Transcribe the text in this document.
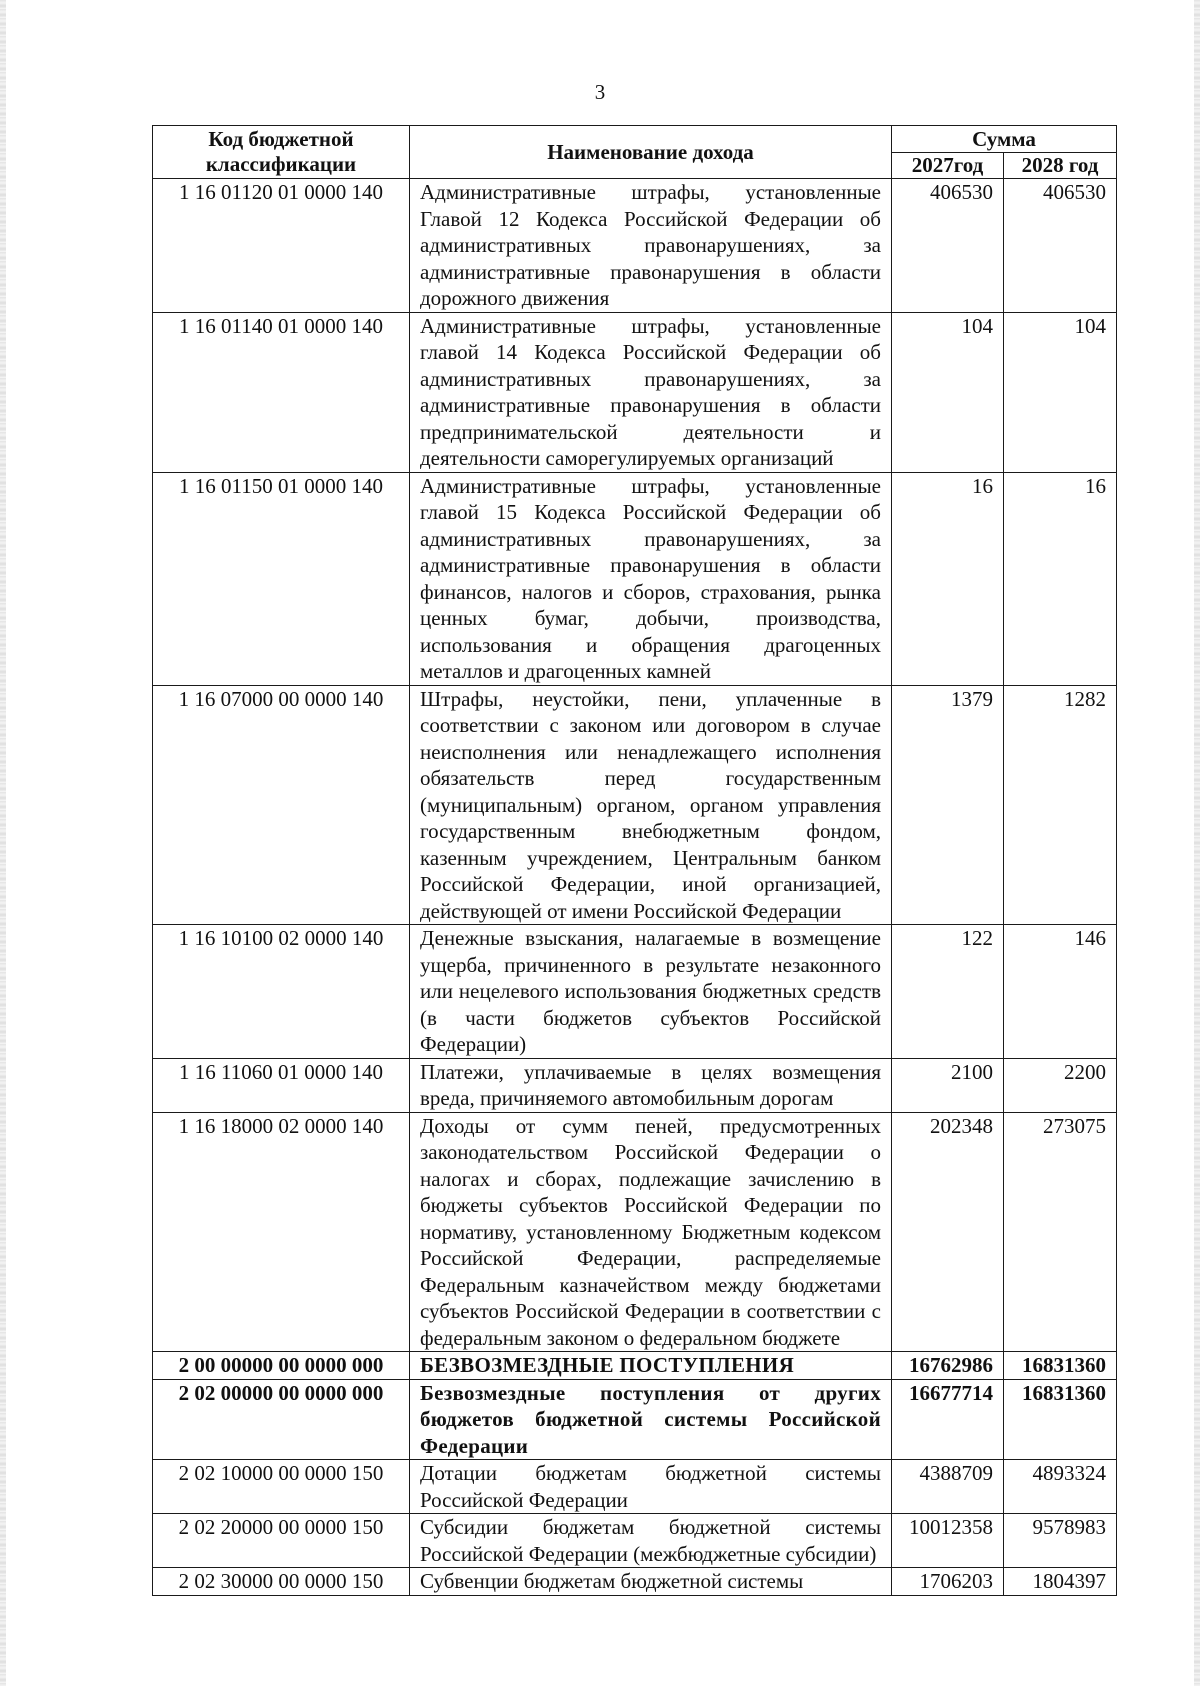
3
Код бюджетной классификации	Наименование дохода	Сумма	
		2027год	2028 год
1 16 01120 01 0000 140	Административные штрафы, установленные Главой 12 Кодекса Российской Федерации об административных правонарушениях, за административные правонарушения в области дорожного движения	406530	406530
1 16 01140 01 0000 140	Административные штрафы, установленные главой 14 Кодекса Российской Федерации об административных правонарушениях, за административные правонарушения в области предпринимательской деятельности и деятельности саморегулируемых организаций	104	104
1 16 01150 01 0000 140	Административные штрафы, установленные главой 15 Кодекса Российской Федерации об административных правонарушениях, за административные правонарушения в области финансов, налогов и сборов, страхования, рынка ценных бумаг, добычи, производства, использования и обращения драгоценных металлов и драгоценных камней	16	16
1 16 07000 00 0000 140	Штрафы, неустойки, пени, уплаченные в соответствии с законом или договором в случае неисполнения или ненадлежащего исполнения обязательств перед государственным (муниципальным) органом, органом управления государственным внебюджетным фондом, казенным учреждением, Центральным банком Российской Федерации, иной организацией, действующей от имени Российской Федерации	1379	1282
1 16 10100 02 0000 140	Денежные взыскания, налагаемые в возмещение ущерба, причиненного в результате незаконного или нецелевого использования бюджетных средств (в части бюджетов субъектов Российской Федерации)	122	146
1 16 11060 01 0000 140	Платежи, уплачиваемые в целях возмещения вреда, причиняемого автомобильным дорогам	2100	2200
1 16 18000 02 0000 140	Доходы от сумм пеней, предусмотренных законодательством Российской Федерации о налогах и сборах, подлежащие зачислению в бюджеты субъектов Российской Федерации по нормативу, установленному Бюджетным кодексом Российской Федерации, распределяемые Федеральным казначейством между бюджетами субъектов Российской Федерации в соответствии с федеральным законом о федеральном бюджете	202348	273075
2 00 00000 00 0000 000	БЕЗВОЗМЕЗДНЫЕ ПОСТУПЛЕНИЯ	16762986	16831360
2 02 00000 00 0000 000	Безвозмездные поступления от других бюджетов бюджетной системы Российской Федерации	16677714	16831360
2 02 10000 00 0000 150	Дотации бюджетам бюджетной системы Российской Федерации	4388709	4893324
2 02 20000 00 0000 150	Субсидии бюджетам бюджетной системы Российской Федерации (межбюджетные субсидии)	10012358	9578983
2 02 30000 00 0000 150	Субвенции бюджетам бюджетной системы	1706203	1804397
